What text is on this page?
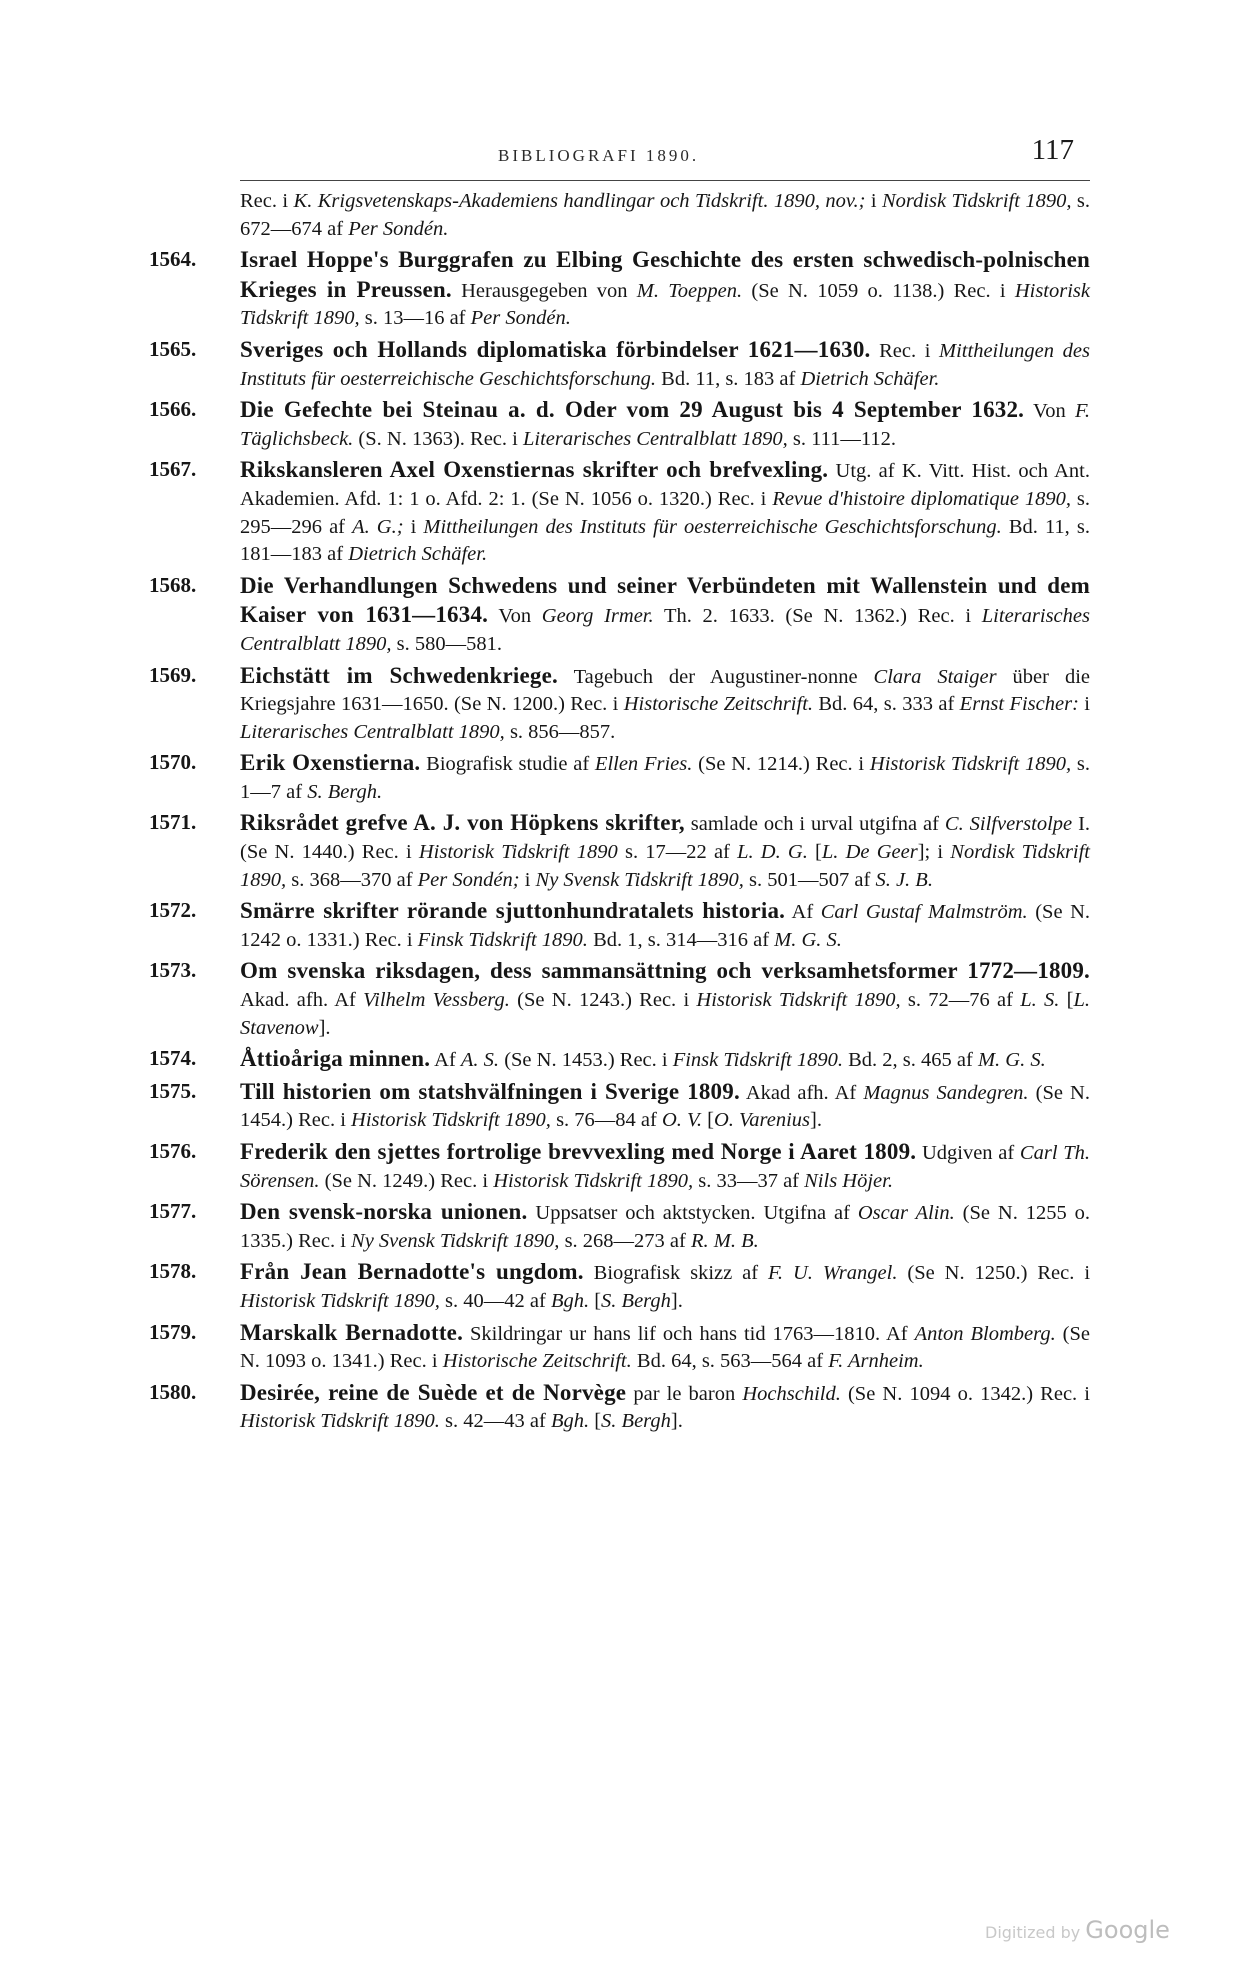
BIBLIOGRAFI 1890.	117
Rec. i K. Krigsvetenskaps-Akademiens handlingar och Tidskrift. 1890, nov.; i Nordisk Tidskrift 1890, s. 672—674 af Per Sondén.
1564.	Israel Hoppe's Burggrafen zu Elbing Geschichte des ersten schwedisch-polnischen Krieges in Preussen. Herausgegeben von M. Toeppen. (Se N. 1059 o. 1138.) Rec. i Historisk Tidskrift 1890, s. 13—16 af Per Sondén.
1565.	Sveriges och Hollands diplomatiska förbindelser 1621—1630. Rec. i Mittheilungen des Instituts für oesterreichische Geschichtsforschung. Bd. 11, s. 183 af Dietrich Schäfer.
1566.	Die Gefechte bei Steinau a. d. Oder vom 29 August bis 4 September 1632. Von F. Täglichsbeck. (S. N. 1363). Rec. i Literarisches Centralblatt 1890, s. 111—112.
1567.	Rikskansleren Axel Oxenstiernas skrifter och brefvexling. Utg. af K. Vitt. Hist. och Ant. Akademien. Afd. 1: 1 o. Afd. 2: 1. (Se N. 1056 o. 1320.) Rec. i Revue d'histoire diplomatique 1890, s. 295—296 af A. G.; i Mittheilungen des Instituts für oesterreichische Geschichtsforschung. Bd. 11, s. 181—183 af Dietrich Schäfer.
1568.	Die Verhandlungen Schwedens und seiner Verbündeten mit Wallenstein und dem Kaiser von 1631—1634. Von Georg Irmer. Th. 2. 1633. (Se N. 1362.) Rec. i Literarisches Centralblatt 1890, s. 580—581.
1569.	Eichstätt im Schwedenkriege. Tagebuch der Augustiner-nonne Clara Staiger über die Kriegsjahre 1631—1650. (Se N. 1200.) Rec. i Historische Zeitschrift. Bd. 64, s. 333 af Ernst Fischer: i Literarisches Centralblatt 1890, s. 856—857.
1570.	Erik Oxenstierna. Biografisk studie af Ellen Fries. (Se N. 1214.) Rec. i Historisk Tidskrift 1890, s. 1—7 af S. Bergh.
1571.	Riksrådet grefve A. J. von Höpkens skrifter, samlade och i urval utgifna af C. Silfverstolpe I. (Se N. 1440.) Rec. i Historisk Tidskrift 1890 s. 17—22 af L. D. G. [L. De Geer]; i Nordisk Tidskrift 1890, s. 368—370 af Per Sondén; i Ny Svensk Tidskrift 1890, s. 501—507 af S. J. B.
1572.	Smärre skrifter rörande sjuttonhundratalets historia. Af Carl Gustaf Malmström. (Se N. 1242 o. 1331.) Rec. i Finsk Tidskrift 1890. Bd. 1, s. 314—316 af M. G. S.
1573.	Om svenska riksdagen, dess sammansättning och verksamhetsformer 1772—1809. Akad. afh. Af Vilhelm Vessberg. (Se N. 1243.) Rec. i Historisk Tidskrift 1890, s. 72—76 af L. S. [L. Stavenow].
1574.	Åttioåriga minnen. Af A. S. (Se N. 1453.) Rec. i Finsk Tidskrift 1890. Bd. 2, s. 465 af M. G. S.
1575.	Till historien om statshvälfningen i Sverige 1809. Akad afh. Af Magnus Sandegren. (Se N. 1454.) Rec. i Historisk Tidskrift 1890, s. 76—84 af O. V. [O. Varenius].
1576.	Frederik den sjettes fortrolige brevvexling med Norge i Aaret 1809. Udgiven af Carl Th. Sörensen. (Se N. 1249.) Rec. i Historisk Tidskrift 1890, s. 33—37 af Nils Höjer.
1577.	Den svensk-norska unionen. Uppsatser och aktstycken. Utgifna af Oscar Alin. (Se N. 1255 o. 1335.) Rec. i Ny Svensk Tidskrift 1890, s. 268—273 af R. M. B.
1578.	Från Jean Bernadotte's ungdom. Biografisk skizz af F. U. Wrangel. (Se N. 1250.) Rec. i Historisk Tidskrift 1890, s. 40—42 af Bgh. [S. Bergh].
1579.	Marskalk Bernadotte. Skildringar ur hans lif och hans tid 1763—1810. Af Anton Blomberg. (Se N. 1093 o. 1341.) Rec. i Historische Zeitschrift. Bd. 64, s. 563—564 af F. Arnheim.
1580.	Desirée, reine de Suède et de Norvège par le baron Hochschild. (Se N. 1094 o. 1342.) Rec. i Historisk Tidskrift 1890. s. 42—43 af Bgh. [S. Bergh].
Digitized by Google
